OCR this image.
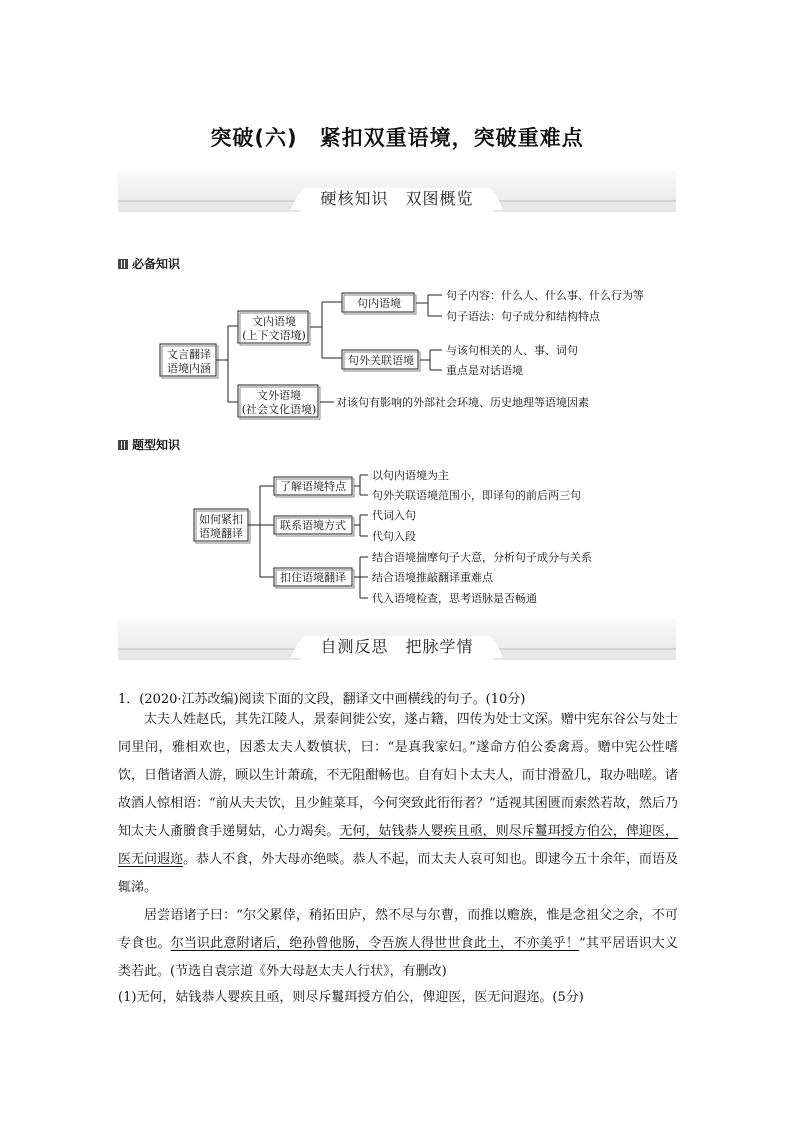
突破(六)　紧扣双重语境，突破重难点
硬核知识　双图概览
必备知识
文言翻译
语境内涵
文内语境
(上下文语境)
文外语境
(社会文化语境)
句内语境
句外关联语境
句子内容：什么人、什么事、什么行为等
句子语法：句子成分和结构特点
与该句相关的人、事、词句
重点是对话语境
对该句有影响的外部社会环境、历史地理等语境因素
题型知识
如何紧扣
语境翻译
了解语境特点
联系语境方式
扣住语境翻译
以句内语境为主
句外关联语境范围小，即译句的前后两三句
代词入句
代句入段
结合语境揣摩句子大意，分析句子成分与关系
结合语境推敲翻译重难点
代入语境检查，思考语脉是否畅通
自测反思　把脉学情
1．(2020·江苏改编)阅读下面的文段，翻译文中画横线的句子。(10分)
太夫人姓赵氏，其先江陵人，景泰间徙公安，遂占籍，四传为处士文深。赠中宪东谷公与处士同里闬，雅相欢也，因悉太夫人数慎状，曰：“是真我家妇。”遂命方伯公委禽焉。赠中宪公性嗜饮，日偕诸酒人游，顾以生计萧疏，不无阻酣畅也。自有妇卜太夫人，而甘滑盈几，取办咄嗟。诸故酒人惊相语：“前从夫夫饮，且少鲑菜耳，今何突致此衎衎者？”适视其囷匮而索然若故，然后乃知太夫人齑賸食手递舅姑，心力竭矣。无何，姑钱恭人婴疾且亟，则尽斥鬘珥授方伯公，俾迎医，医无问遐迩。恭人不食，外大母亦绝啖。恭人不起，而太夫人哀可知也。即逮今五十余年，而语及辄涕。
居尝语诸子曰：“尔父累倖，稍拓田庐，然不尽与尔曹，而推以赡族，惟是念祖父之余，不可专食也。尔当识此意附诸后，绝孙曾他肠，令吾族人得世世食此土，不亦美乎！”其平居语识大义类若此。(节选自袁宗道《外大母赵太夫人行状》，有删改)
(1)无何，姑钱恭人婴疾且亟，则尽斥鬘珥授方伯公，俾迎医，医无问遐迩。(5分)
